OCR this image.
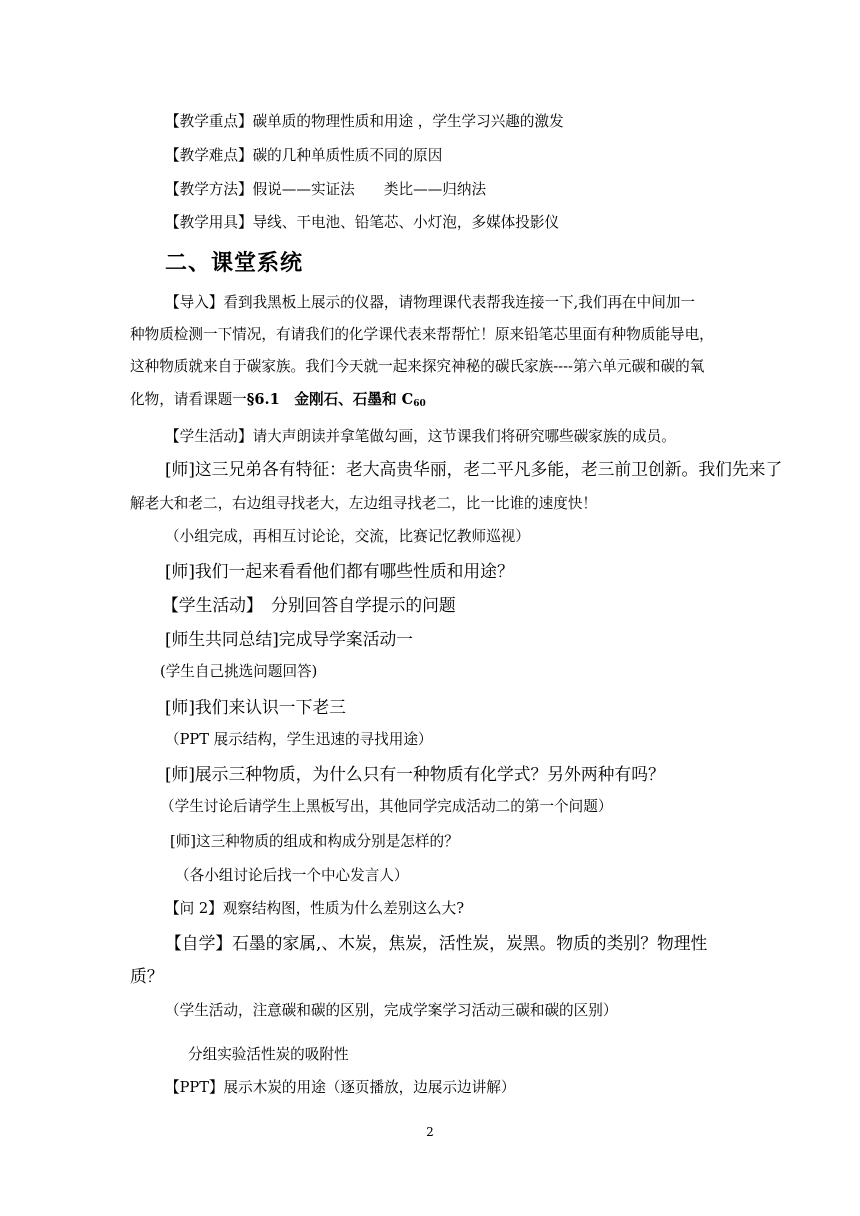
【教学重点】碳单质的物理性质和用途 ，学生学习兴趣的激发
【教学难点】碳的几种单质性质不同的原因
【教学方法】假说——实证法　　类比——归纳法
【教学用具】导线、干电池、铅笔芯、小灯泡，多媒体投影仪
二、课堂系统
【导入】看到我黑板上展示的仪器，请物理课代表帮我连接一下,我们再在中间加一
种物质检测一下情况，有请我们的化学课代表来帮帮忙！原来铅笔芯里面有种物质能导电，
这种物质就来自于碳家族。我们今天就一起来探究神秘的碳氏家族----第六单元碳和碳的氧
化物，请看课题一§6.1　金刚石、石墨和 $C_{60}$
【学生活动】请大声朗读并拿笔做勾画，这节课我们将研究哪些碳家族的成员。
[师]这三兄弟各有特征：老大高贵华丽，老二平凡多能，老三前卫创新。我们先来了
解老大和老二，右边组寻找老大，左边组寻找老二，比一比谁的速度快！
（小组完成，再相互讨论论，交流，比赛记忆教师巡视）
[师]我们一起来看看他们都有哪些性质和用途？
【学生活动】　分别回答自学提示的问题
[师生共同总结]完成导学案活动一
(学生自己挑选问题回答)
[师]我们来认识一下老三
（PPT 展示结构，学生迅速的寻找用途）
[师]展示三种物质，为什么只有一种物质有化学式？另外两种有吗？
（学生讨论后请学生上黑板写出，其他同学完成活动二的第一个问题）
[师]这三种物质的组成和构成分别是怎样的？
（各小组讨论后找一个中心发言人）
【问 2】观察结构图，性质为什么差别这么大?
【自学】石墨的家属,、木炭，焦炭，活性炭，炭黑。物质的类别？物理性
质？
（学生活动，注意碳和碳的区别，完成学案学习活动三碳和碳的区别）
分组实验活性炭的吸附性
【PPT】展示木炭的用途（逐页播放，边展示边讲解）
2
